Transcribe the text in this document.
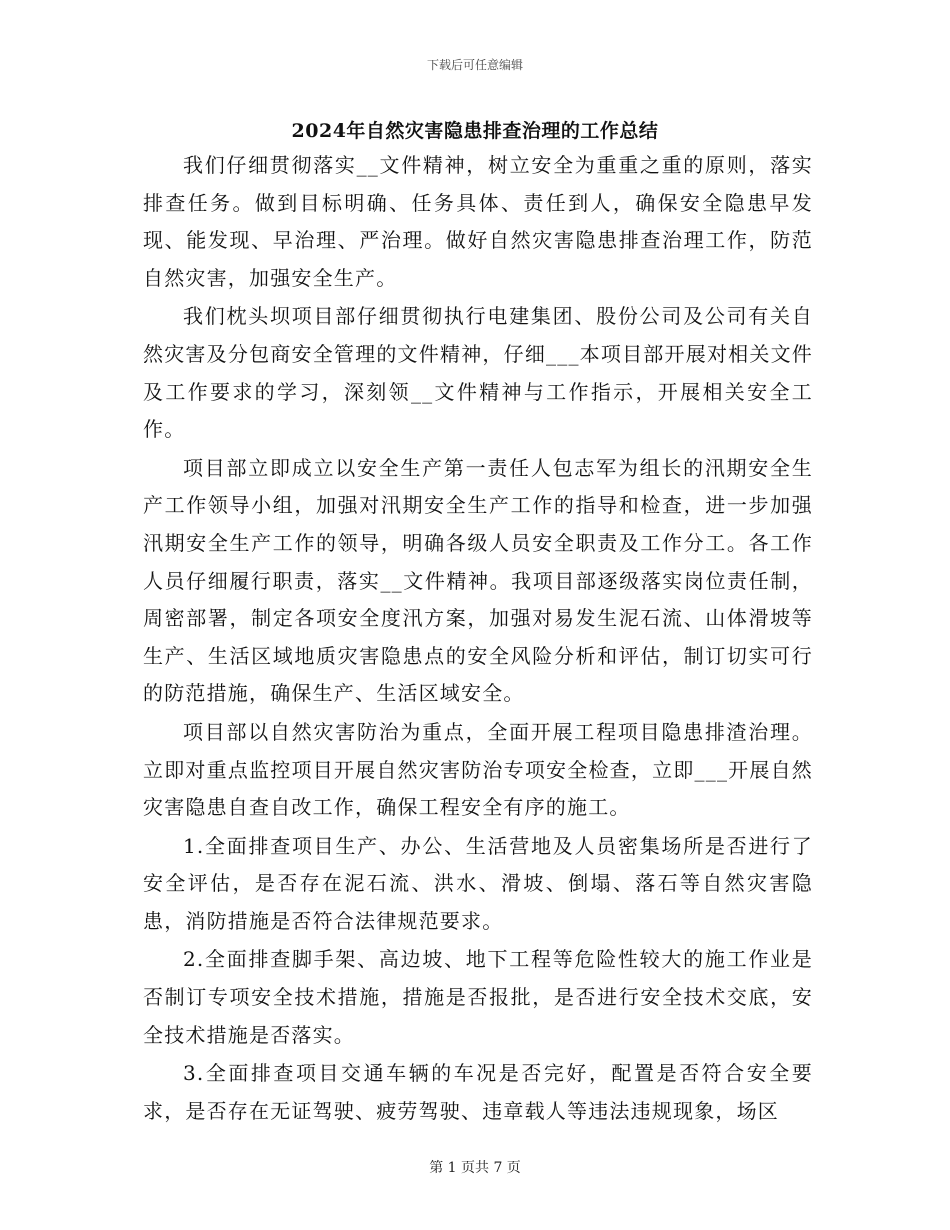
下载后可任意编辑
2024年自然灾害隐患排查治理的工作总结

我们仔细贯彻落实__文件精神，树立安全为重重之重的原则，落实排查任务。做到目标明确、任务具体、责任到人，确保安全隐患早发现、能发现、早治理、严治理。做好自然灾害隐患排查治理工作，防范自然灾害，加强安全生产。

我们枕头坝项目部仔细贯彻执行电建集团、股份公司及公司有关自然灾害及分包商安全管理的文件精神，仔细___本项目部开展对相关文件及工作要求的学习，深刻领__文件精神与工作指示，开展相关安全工作。

项目部立即成立以安全生产第一责任人包志军为组长的汛期安全生产工作领导小组，加强对汛期安全生产工作的指导和检查，进一步加强汛期安全生产工作的领导，明确各级人员安全职责及工作分工。各工作人员仔细履行职责，落实__文件精神。我项目部逐级落实岗位责任制，周密部署，制定各项安全度汛方案，加强对易发生泥石流、山体滑坡等生产、生活区域地质灾害隐患点的安全风险分析和评估，制订切实可行的防范措施，确保生产、生活区域安全。

项目部以自然灾害防治为重点，全面开展工程项目隐患排渣治理。立即对重点监控项目开展自然灾害防治专项安全检查，立即___开展自然灾害隐患自查自改工作，确保工程安全有序的施工。

1.全面排查项目生产、办公、生活营地及人员密集场所是否进行了安全评估，是否存在泥石流、洪水、滑坡、倒塌、落石等自然灾害隐患，消防措施是否符合法律规范要求。

2.全面排查脚手架、高边坡、地下工程等危险性较大的施工作业是否制订专项安全技术措施，措施是否报批，是否进行安全技术交底，安全技术措施是否落实。

3.全面排查项目交通车辆的车况是否完好，配置是否符合安全要求，是否存在无证驾驶、疲劳驾驶、违章载人等违法违规现象，场区

第 1 页共 7 页
